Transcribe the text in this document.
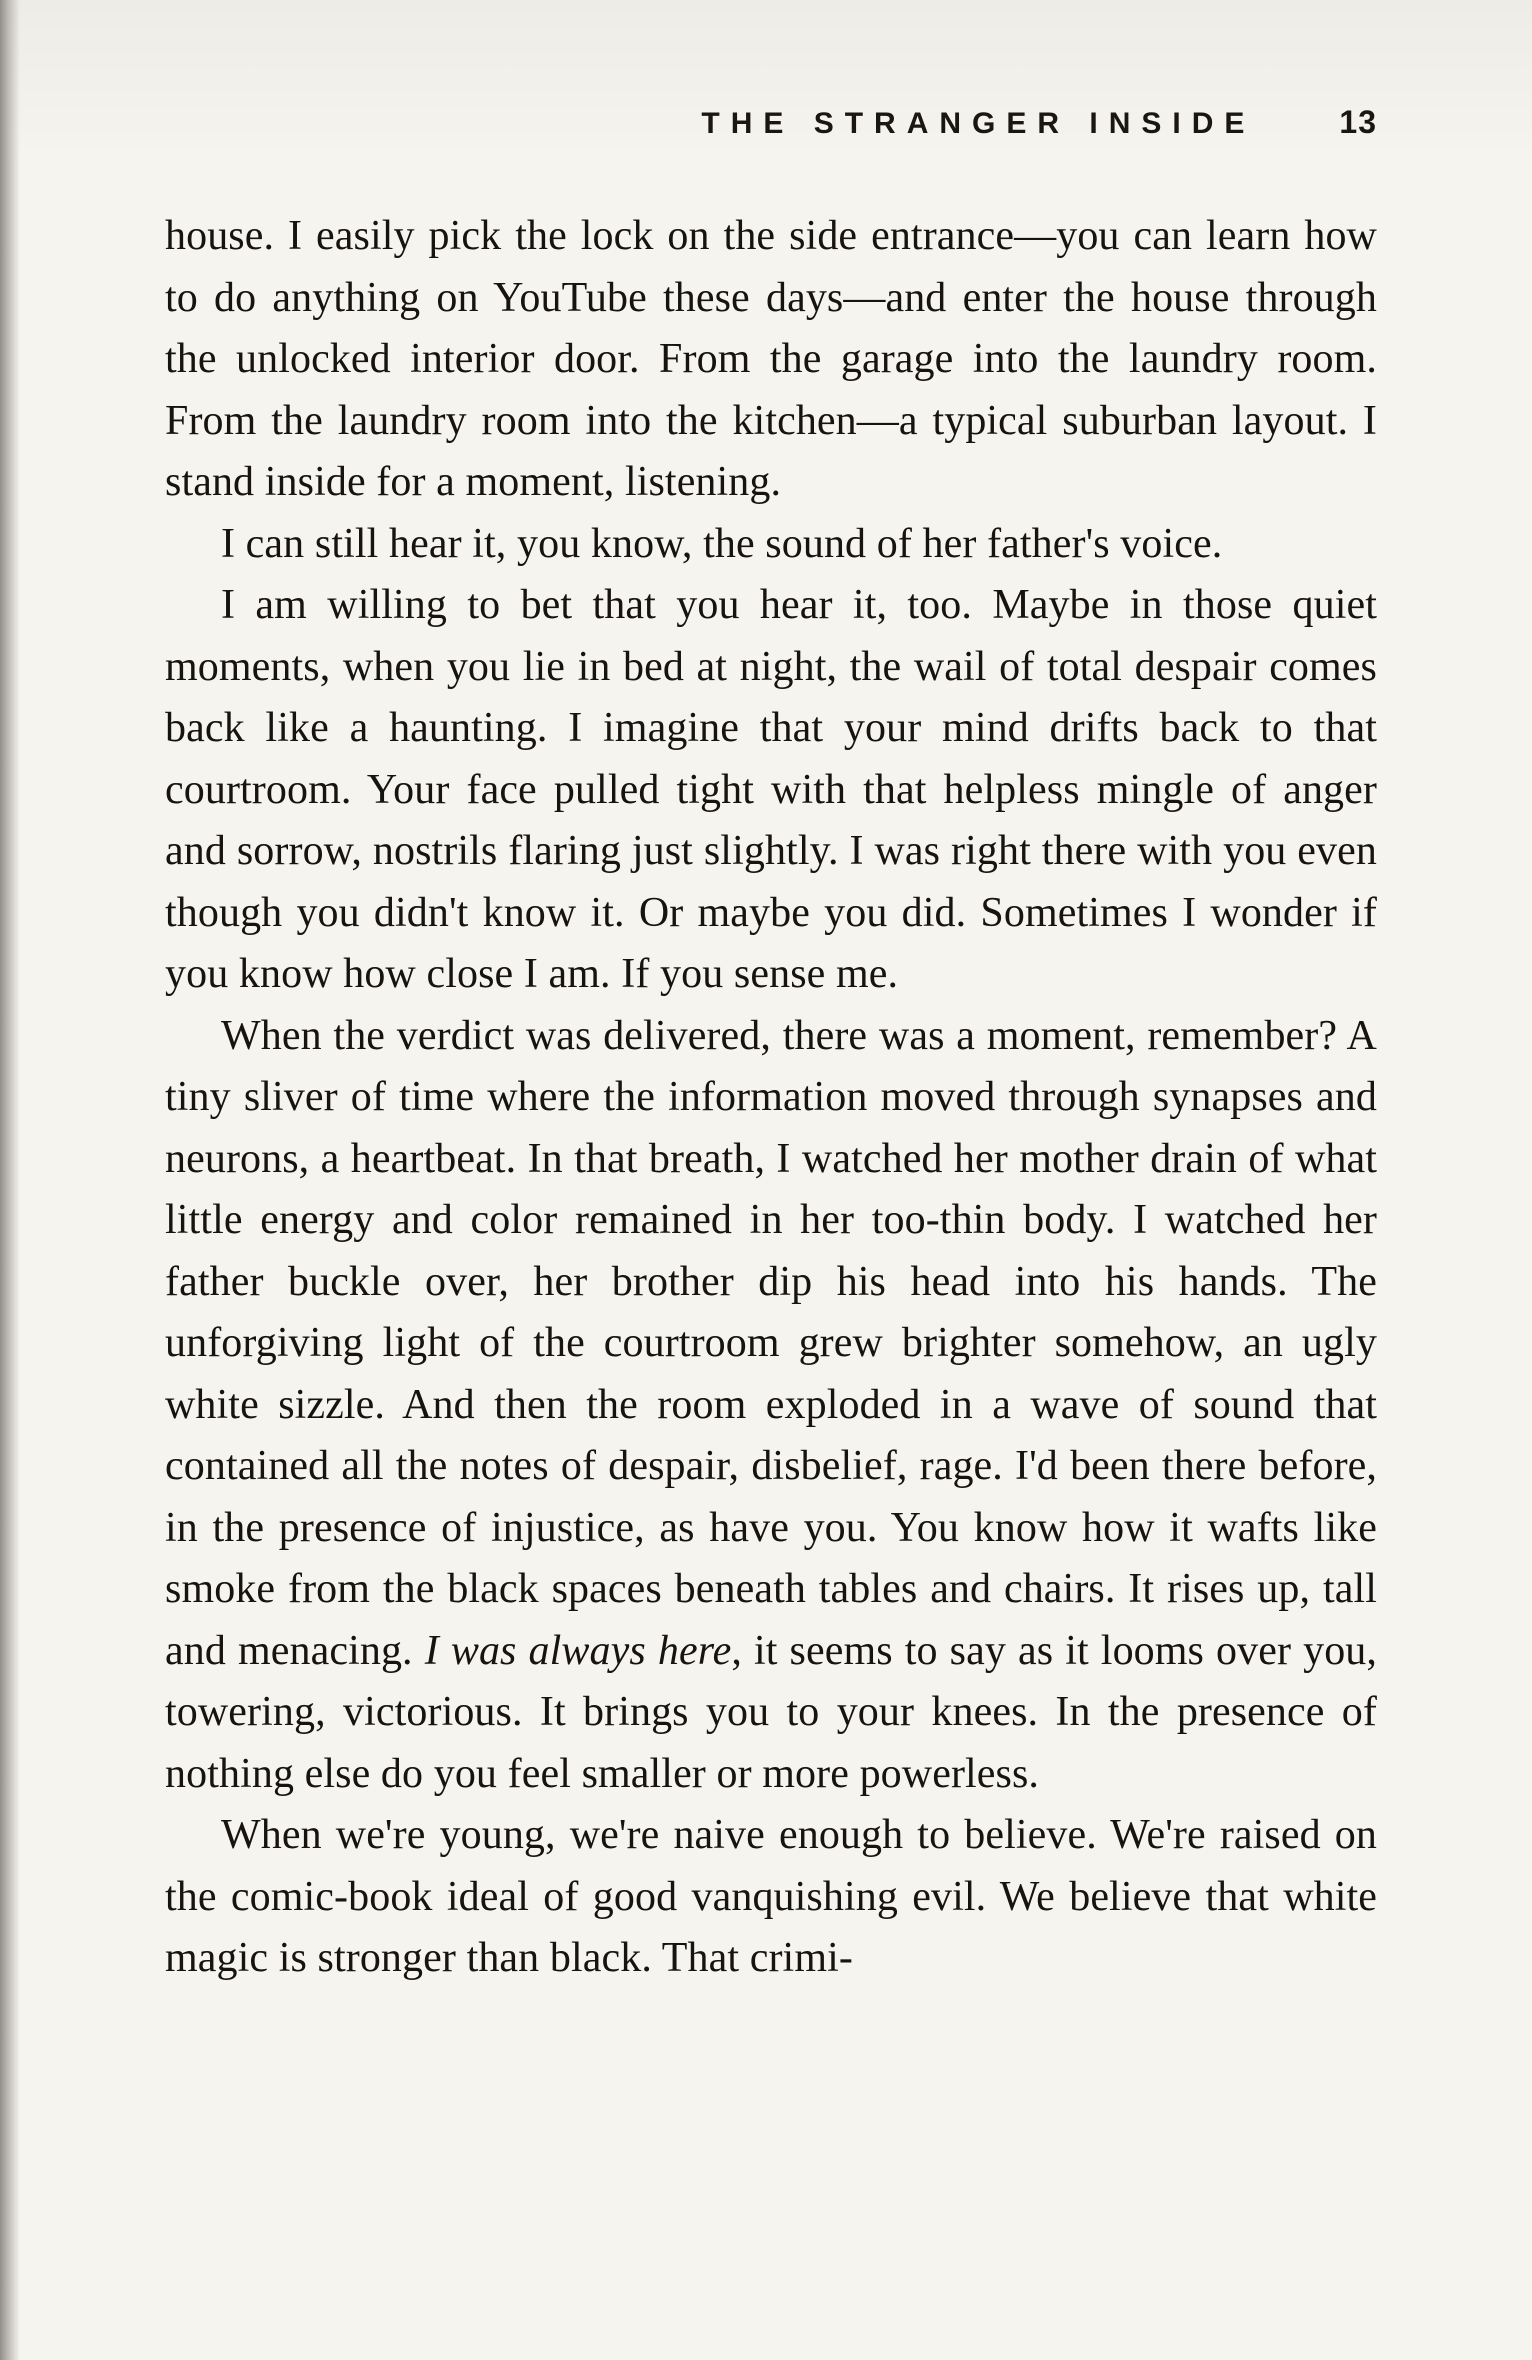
THE STRANGER INSIDE	13

house. I easily pick the lock on the side entrance—you can learn how to do anything on YouTube these days—and enter the house through the unlocked interior door. From the garage into the laundry room. From the laundry room into the kitchen—a typical suburban layout. I stand inside for a moment, listening.

I can still hear it, you know, the sound of her father's voice.

I am willing to bet that you hear it, too. Maybe in those quiet moments, when you lie in bed at night, the wail of total despair comes back like a haunting. I imagine that your mind drifts back to that courtroom. Your face pulled tight with that helpless mingle of anger and sorrow, nostrils flaring just slightly. I was right there with you even though you didn't know it. Or maybe you did. Sometimes I wonder if you know how close I am. If you sense me.

When the verdict was delivered, there was a moment, remember? A tiny sliver of time where the information moved through synapses and neurons, a heartbeat. In that breath, I watched her mother drain of what little energy and color remained in her too-thin body. I watched her father buckle over, her brother dip his head into his hands. The unforgiving light of the courtroom grew brighter somehow, an ugly white sizzle. And then the room exploded in a wave of sound that contained all the notes of despair, disbelief, rage. I'd been there before, in the presence of injustice, as have you. You know how it wafts like smoke from the black spaces beneath tables and chairs. It rises up, tall and menacing. I was always here, it seems to say as it looms over you, towering, victorious. It brings you to your knees. In the presence of nothing else do you feel smaller or more powerless.

When we're young, we're naive enough to believe. We're raised on the comic-book ideal of good vanquishing evil. We believe that white magic is stronger than black. That crimi-
